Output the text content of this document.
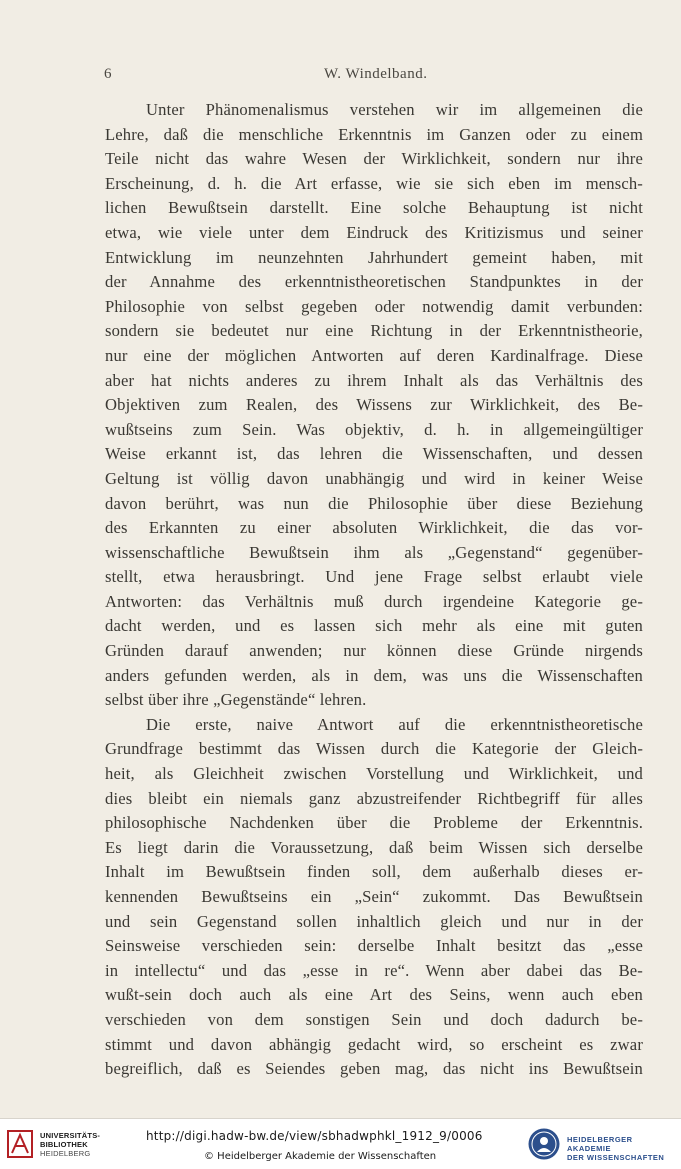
6	W. Windelband.
Unter Phänomenalismus verstehen wir im allgemeinen die
Lehre, daß die menschliche Erkenntnis im Ganzen oder zu einem
Teile nicht das wahre Wesen der Wirklichkeit, sondern nur ihre
Erscheinung, d. h. die Art erfasse, wie sie sich eben im mensch-
lichen Bewußtsein darstellt. Eine solche Behauptung ist nicht
etwa, wie viele unter dem Eindruck des Kritizismus und seiner
Entwicklung im neunzehnten Jahrhundert gemeint haben, mit
der Annahme des erkenntnistheoretischen Standpunktes in der
Philosophie von selbst gegeben oder notwendig damit verbunden:
sondern sie bedeutet nur eine Richtung in der Erkenntnistheorie,
nur eine der möglichen Antworten auf deren Kardinalfrage. Diese
aber hat nichts anderes zu ihrem Inhalt als das Verhältnis des
Objektiven zum Realen, des Wissens zur Wirklichkeit, des Be-
wußtseins zum Sein. Was objektiv, d. h. in allgemeingültiger
Weise erkannt ist, das lehren die Wissenschaften, und dessen
Geltung ist völlig davon unabhängig und wird in keiner Weise
davon berührt, was nun die Philosophie über diese Beziehung
des Erkannten zu einer absoluten Wirklichkeit, die das vor-
wissenschaftliche Bewußtsein ihm als „Gegenstand“ gegenüber-
stellt, etwa herausbringt. Und jene Frage selbst erlaubt viele
Antworten: das Verhältnis muß durch irgendeine Kategorie ge-
dacht werden, und es lassen sich mehr als eine mit guten
Gründen darauf anwenden; nur können diese Gründe nirgends
anders gefunden werden, als in dem, was uns die Wissenschaften
selbst über ihre „Gegenstände“ lehren.
Die erste, naive Antwort auf die erkenntnistheoretische
Grundfrage bestimmt das Wissen durch die Kategorie der Gleich-
heit, als Gleichheit zwischen Vorstellung und Wirklichkeit, und
dies bleibt ein niemals ganz abzustreifender Richtbegriff für alles
philosophische Nachdenken über die Probleme der Erkenntnis.
Es liegt darin die Voraussetzung, daß beim Wissen sich derselbe
Inhalt im Bewußtsein finden soll, dem außerhalb dieses er-
kennenden Bewußtseins ein „Sein“ zukommt. Das Bewußtsein
und sein Gegenstand sollen inhaltlich gleich und nur in der
Seinsweise verschieden sein: derselbe Inhalt besitzt das „esse
in intellectu“ und das „esse in re“. Wenn aber dabei das Be-
wußt-sein doch auch als eine Art des Seins, wenn auch eben
verschieden von dem sonstigen Sein und doch dadurch be-
stimmt und davon abhängig gedacht wird, so erscheint es zwar
begreiflich, daß es Seiendes geben mag, das nicht ins Bewußtsein
UNIVERSITÄTS-
BIBLIOTHEK
HEIDELBERG
http://digi.hadw-bw.de/view/sbhadwphkl_1912_9/0006
© Heidelberger Akademie der Wissenschaften
HEIDELBERGER AKADEMIE
DER WISSENSCHAFTEN
